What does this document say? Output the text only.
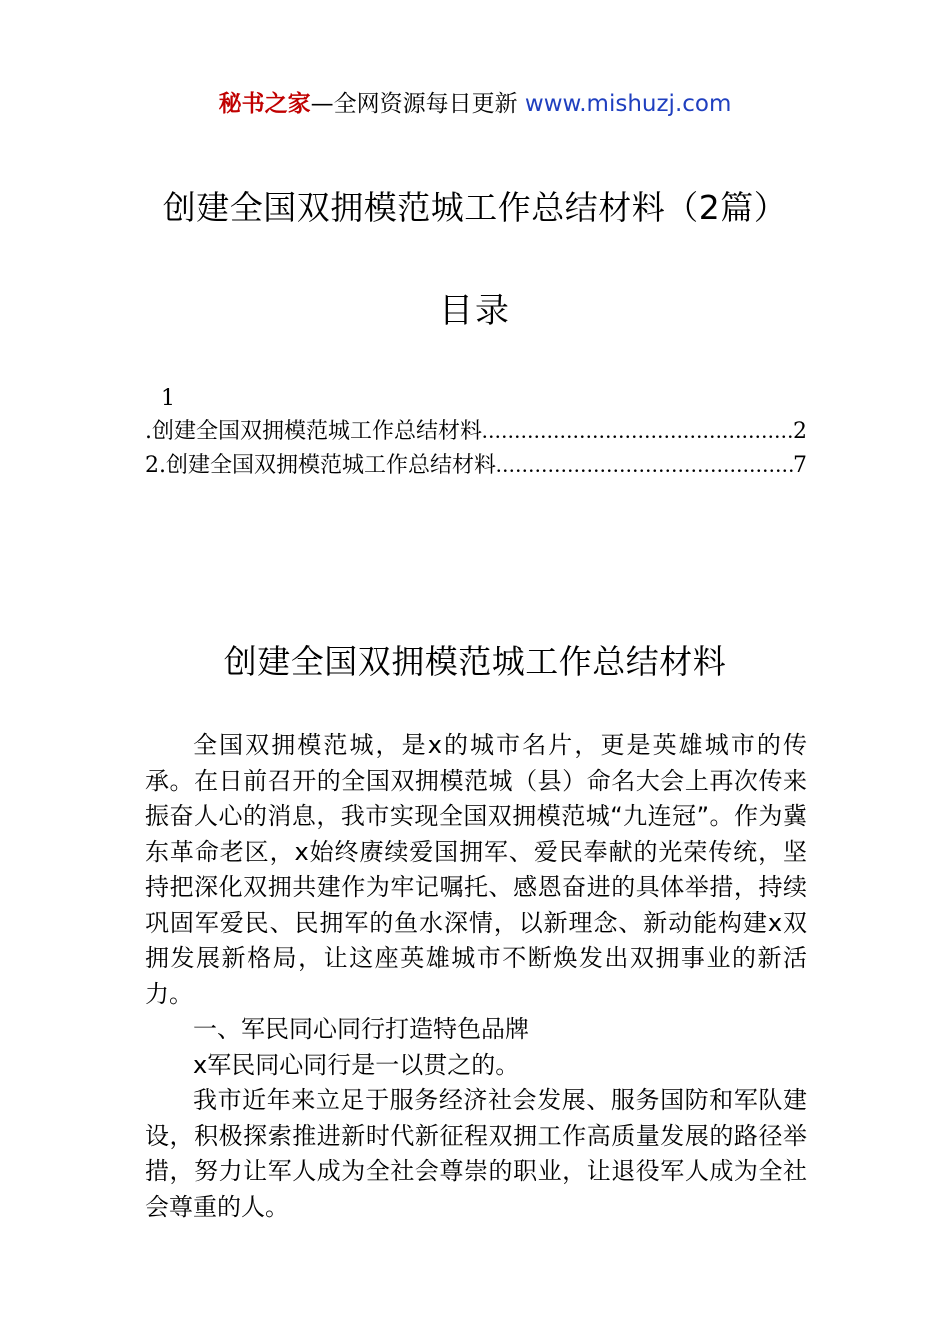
秘书之家—全网资源每日更新 www.mishuzj.com
创建全国双拥模范城工作总结材料（2篇）
目录
1
.创建全国双拥模范城工作总结材料 .....	2
2.创建全国双拥模范城工作总结材料 .....	7
创建全国双拥模范城工作总结材料

全国双拥模范城，是x的城市名片，更是英雄城市的传承。在日前召开的全国双拥模范城（县）命名大会上再次传来振奋人心的消息，我市实现全国双拥模范城“九连冠”。作为冀东革命老区，x始终赓续爱国拥军、爱民奉献的光荣传统，坚持把深化双拥共建作为牢记嘱托、感恩奋进的具体举措，持续巩固军爱民、民拥军的鱼水深情，以新理念、新动能构建x双拥发展新格局，让这座英雄城市不断焕发出双拥事业的新活力。

一、军民同心同行打造特色品牌

x军民同心同行是一以贯之的。

我市近年来立足于服务经济社会发展、服务国防和军队建设，积极探索推进新时代新征程双拥工作高质量发展的路径举措，努力让军人成为全社会尊崇的职业，让退役军人成为全社会尊重的人。
